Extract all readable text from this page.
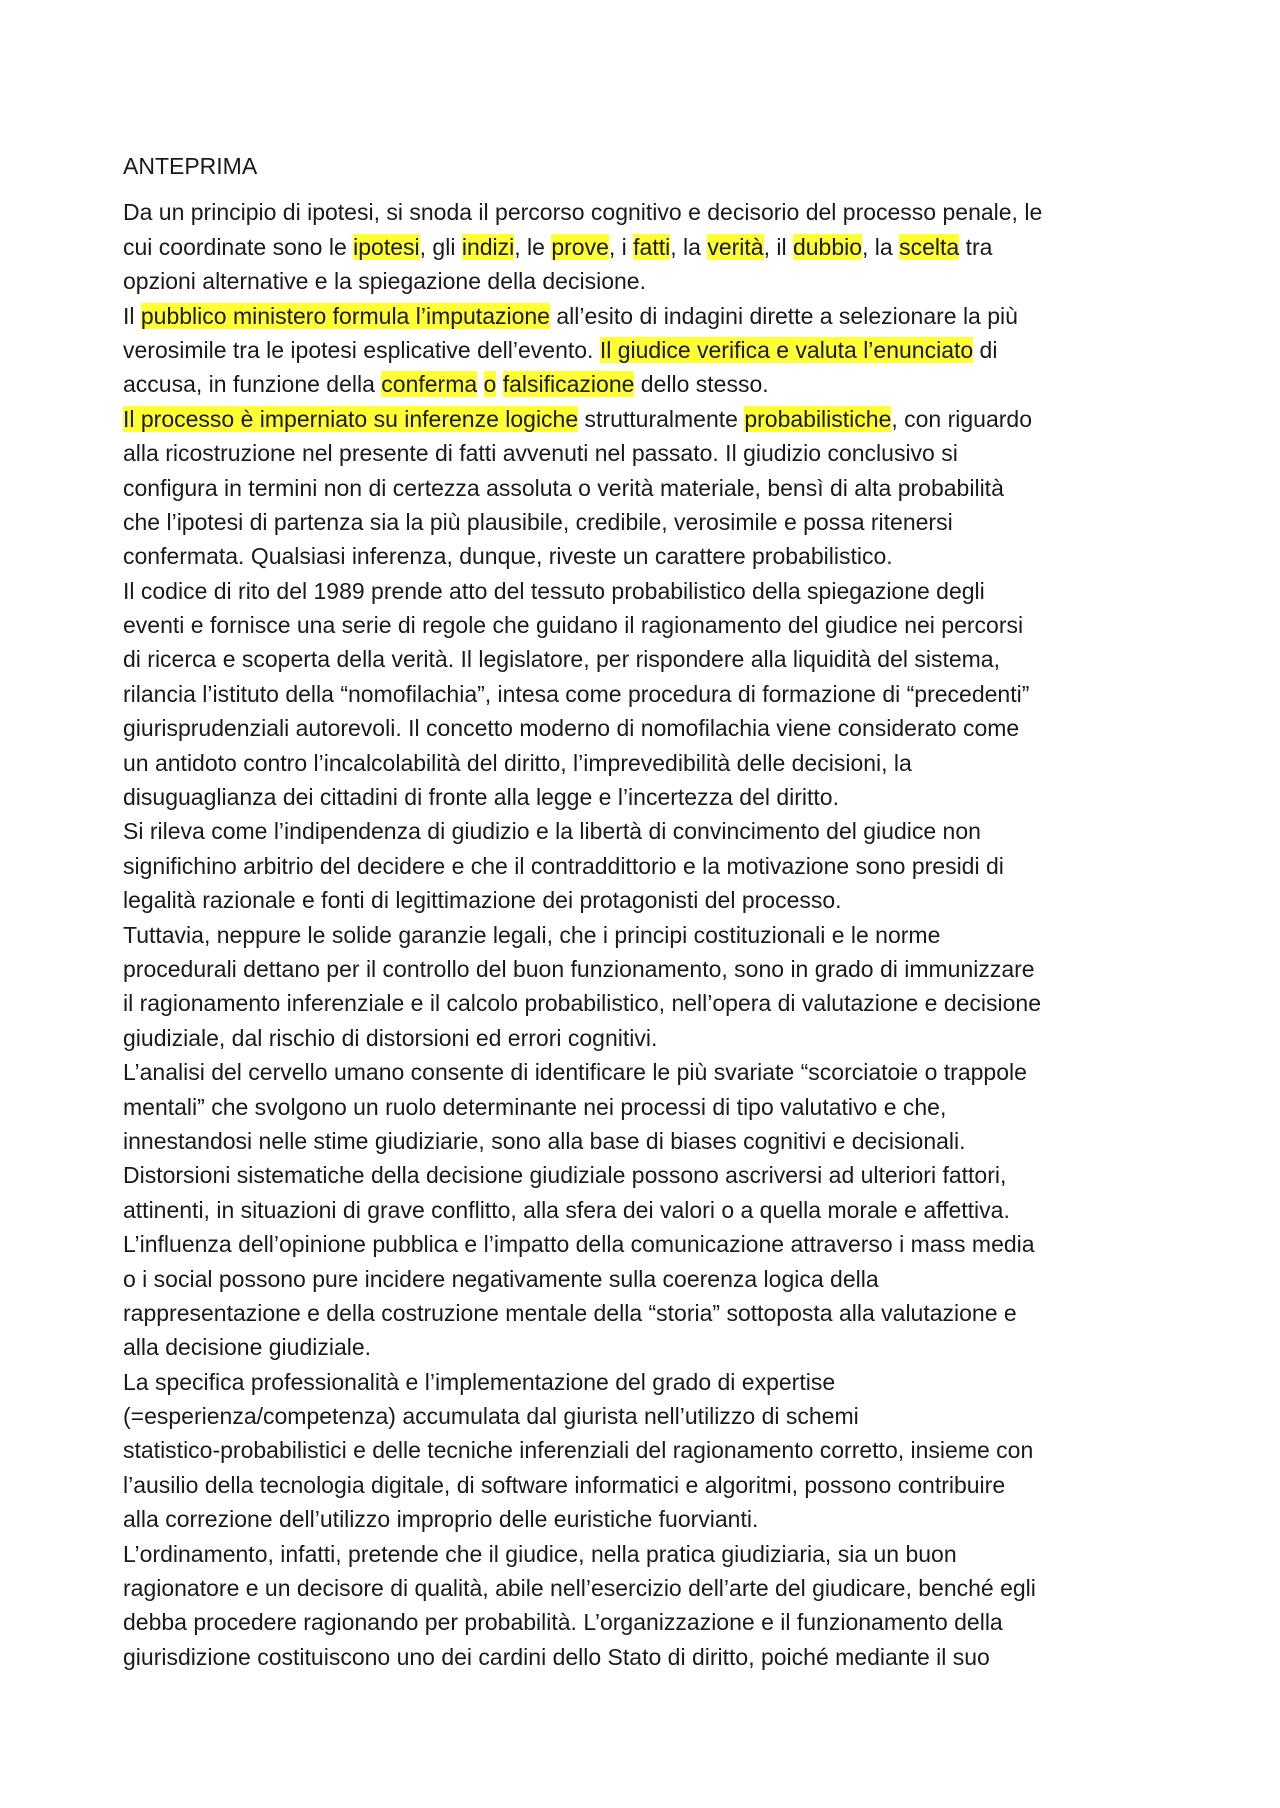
ANTEPRIMA
Da un principio di ipotesi, si snoda il percorso cognitivo e decisorio del processo penale, le
cui coordinate sono le ipotesi, gli indizi, le prove, i fatti, la verità, il dubbio, la scelta tra
opzioni alternative e la spiegazione della decisione.
Il pubblico ministero formula l’imputazione all’esito di indagini dirette a selezionare la più
verosimile tra le ipotesi esplicative dell’evento. Il giudice verifica e valuta l’enunciato di
accusa, in funzione della conferma o falsificazione dello stesso.
Il processo è imperniato su inferenze logiche strutturalmente probabilistiche, con riguardo
alla ricostruzione nel presente di fatti avvenuti nel passato. Il giudizio conclusivo si
configura in termini non di certezza assoluta o verità materiale, bensì di alta probabilità
che l’ipotesi di partenza sia la più plausibile, credibile, verosimile e possa ritenersi
confermata. Qualsiasi inferenza, dunque, riveste un carattere probabilistico.
Il codice di rito del 1989 prende atto del tessuto probabilistico della spiegazione degli
eventi e fornisce una serie di regole che guidano il ragionamento del giudice nei percorsi
di ricerca e scoperta della verità. Il legislatore, per rispondere alla liquidità del sistema,
rilancia l’istituto della “nomofilachia”, intesa come procedura di formazione di “precedenti”
giurisprudenziali autorevoli. Il concetto moderno di nomofilachia viene considerato come
un antidoto contro l’incalcolabilità del diritto, l’imprevedibilità delle decisioni, la
disuguaglianza dei cittadini di fronte alla legge e l’incertezza del diritto.
Si rileva come l’indipendenza di giudizio e la libertà di convincimento del giudice non
significhino arbitrio del decidere e che il contraddittorio e la motivazione sono presidi di
legalità razionale e fonti di legittimazione dei protagonisti del processo.
Tuttavia, neppure le solide garanzie legali, che i principi costituzionali e le norme
procedurali dettano per il controllo del buon funzionamento, sono in grado di immunizzare
il ragionamento inferenziale e il calcolo probabilistico, nell’opera di valutazione e decisione
giudiziale, dal rischio di distorsioni ed errori cognitivi.
L’analisi del cervello umano consente di identificare le più svariate “scorciatoie o trappole
mentali” che svolgono un ruolo determinante nei processi di tipo valutativo e che,
innestandosi nelle stime giudiziarie, sono alla base di biases cognitivi e decisionali.
Distorsioni sistematiche della decisione giudiziale possono ascriversi ad ulteriori fattori,
attinenti, in situazioni di grave conflitto, alla sfera dei valori o a quella morale e affettiva.
L’influenza dell’opinione pubblica e l’impatto della comunicazione attraverso i mass media
o i social possono pure incidere negativamente sulla coerenza logica della
rappresentazione e della costruzione mentale della “storia” sottoposta alla valutazione e
alla decisione giudiziale.
La specifica professionalità e l’implementazione del grado di expertise
(=esperienza/competenza) accumulata dal giurista nell’utilizzo di schemi
statistico-probabilistici e delle tecniche inferenziali del ragionamento corretto, insieme con
l’ausilio della tecnologia digitale, di software informatici e algoritmi, possono contribuire
alla correzione dell’utilizzo improprio delle euristiche fuorvianti.
L’ordinamento, infatti, pretende che il giudice, nella pratica giudiziaria, sia un buon
ragionatore e un decisore di qualità, abile nell’esercizio dell’arte del giudicare, benché egli
debba procedere ragionando per probabilità. L’organizzazione e il funzionamento della
giurisdizione costituiscono uno dei cardini dello Stato di diritto, poiché mediante il suo
